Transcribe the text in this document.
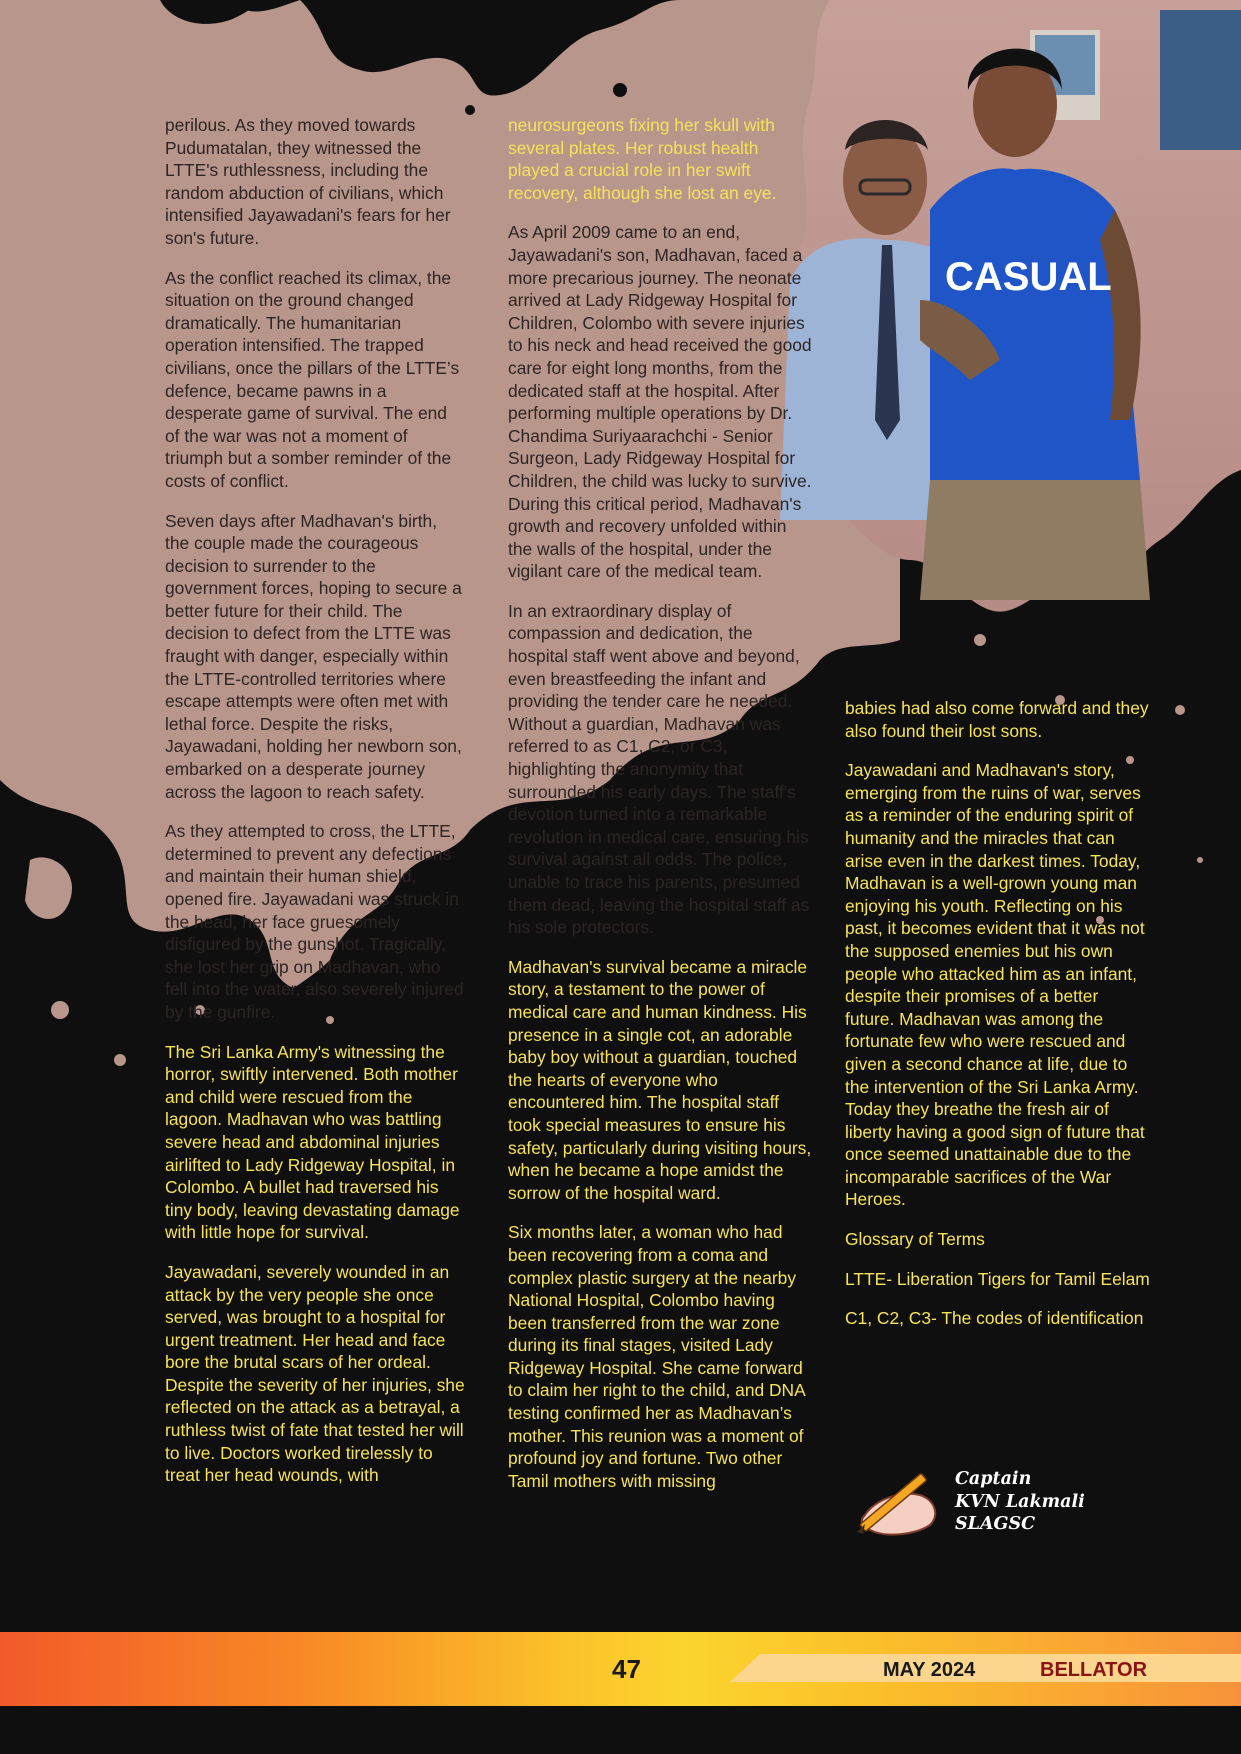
CASUAL

perilous. As they moved towards Pudumatalan, they witnessed the LTTE's ruthlessness, including the random abduction of civilians, which intensified Jayawadani's fears for her son's future.

As the conflict reached its climax, the situation on the ground changed dramatically. The humanitarian operation intensified. The trapped civilians, once the pillars of the LTTE’s defence, became pawns in a desperate game of survival. The end of the war was not a moment of triumph but a somber reminder of the costs of conflict.

Seven days after Madhavan's birth, the couple made the courageous decision to surrender to the government forces, hoping to secure a better future for their child. The decision to defect from the LTTE was fraught with danger, especially within the LTTE-controlled territories where escape attempts were often met with lethal force. Despite the risks, Jayawadani, holding her newborn son, embarked on a desperate journey across the lagoon to reach safety.

As they attempted to cross, the LTTE, determined to prevent any defections and maintain their human shield, opened fire. Jayawadani was struck in the head, her face gruesomely disfigured by the gunshot. Tragically, she lost her grip on Madhavan, who fell into the water, also severely injured by the gunfire.

The Sri Lanka Army's witnessing the horror, swiftly intervened. Both mother and child were rescued from the lagoon. Madhavan who was battling severe head and abdominal injuries airlifted to Lady Ridgeway Hospital, in Colombo. A bullet had traversed his tiny body, leaving devastating damage with little hope for survival.

Jayawadani, severely wounded in an attack by the very people she once served, was brought to a hospital for urgent treatment. Her head and face bore the brutal scars of her ordeal. Despite the severity of her injuries, she reflected on the attack as a betrayal, a ruthless twist of fate that tested her will to live. Doctors worked tirelessly to treat her head wounds, with

neurosurgeons fixing her skull with several plates. Her robust health played a crucial role in her swift recovery, although she lost an eye.

As April 2009 came to an end, Jayawadani's son, Madhavan, faced a more precarious journey. The neonate arrived at Lady Ridgeway Hospital for Children, Colombo with severe injuries to his neck and head received the good care for eight long months, from the dedicated staff at the hospital. After performing multiple operations by Dr. Chandima Suriyaarachchi - Senior Surgeon, Lady Ridgeway Hospital for Children, the child was lucky to survive. During this critical period, Madhavan's growth and recovery unfolded within the walls of the hospital, under the vigilant care of the medical team.

In an extraordinary display of compassion and dedication, the hospital staff went above and beyond, even breastfeeding the infant and providing the tender care he needed. Without a guardian, Madhavan was referred to as C1, C2, or C3, highlighting the anonymity that surrounded his early days. The staff's devotion turned into a remarkable revolution in medical care, ensuring his survival against all odds. The police, unable to trace his parents, presumed them dead, leaving the hospital staff as his sole protectors.

Madhavan's survival became a miracle story, a testament to the power of medical care and human kindness. His presence in a single cot, an adorable baby boy without a guardian, touched the hearts of everyone who encountered him. The hospital staff took special measures to ensure his safety, particularly during visiting hours, when he became a hope amidst the sorrow of the hospital ward.

Six months later, a woman who had been recovering from a coma and complex plastic surgery at the nearby National Hospital, Colombo having been transferred from the war zone during its final stages, visited Lady Ridgeway Hospital. She came forward to claim her right to the child, and DNA testing confirmed her as Madhavan’s mother. This reunion was a moment of profound joy and fortune. Two other Tamil mothers with missing

babies had also come forward and they also found their lost sons.

Jayawadani and Madhavan's story, emerging from the ruins of war, serves as a reminder of the enduring spirit of humanity and the miracles that can arise even in the darkest times. Today, Madhavan is a well-grown young man enjoying his youth. Reflecting on his past, it becomes evident that it was not the supposed enemies but his own people who attacked him as an infant, despite their promises of a better future. Madhavan was among the fortunate few who were rescued and given a second chance at life, due to the intervention of the Sri Lanka Army. Today they breathe the fresh air of liberty having a good sign of future that once seemed unattainable due to the incomparable sacrifices of the War Heroes.

Glossary of Terms

LTTE- Liberation Tigers for Tamil Eelam

C1, C2, C3- The codes of identification

Captain
KVN Lakmali
SLAGSC
47	MAY 2024	BELLATOR
